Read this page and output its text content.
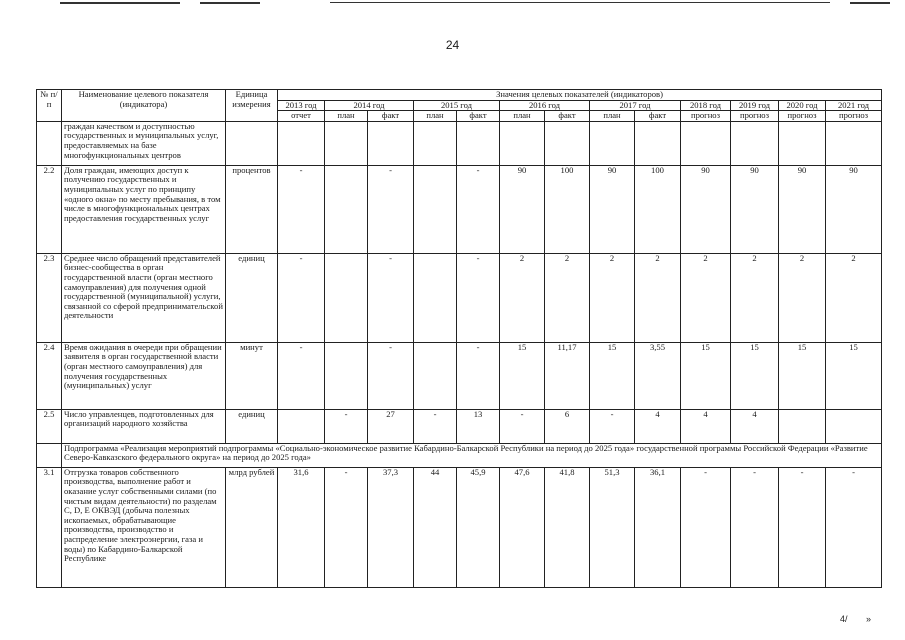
24
№ п/п	Наименование целевого показателя (индикатора)	Единица измерения	Значения целевых показателей (индикаторов)												
			2013 год	2014 год		2015 год		2016 год		2017 год		2018 год	2019 год	2020 год	2021 год
			отчет	план	факт	план	факт	план	факт	план	факт	прогноз	прогноз	прогноз	прогноз
	граждан качеством и доступностью государственных и муниципальных услуг, предоставляемых на базе многофункциональных центров														
2.2	Доля граждан, имеющих доступ к получению государственных и муниципальных услуг по принципу «одного окна» по месту пребывания, в том числе в многофункциональных центрах предоставления государственных услуг	процентов	-		-		-	90	100	90	100	90	90	90	90
2.3	Среднее число обращений представителей бизнес-сообщества в орган государственной власти (орган местного самоуправления) для получения одной государственной (муниципальной) услуги, связанной со сферой предпринимательской деятельности	единиц	-		-		-	2	2	2	2	2	2	2	2
2.4	Время ожидания в очереди при обращении заявителя в орган государственной власти (орган местного самоуправления) для получения государственных (муниципальных) услуг	минут	-		-		-	15	11,17	15	3,55	15	15	15	15
2.5	Число управленцев, подготовленных для организаций народного хозяйства	единиц		-	27	-	13	-	6	-	4	4	4		
	Подпрограмма «Реализация мероприятий подпрограммы «Социально-экономическое развитие Кабардино-Балкарской Республики на период до 2025 года» государственной программы Российской Федерации «Развитие Северо-Кавказского федерального округа» на период до 2025 года»														
3.1	Отгрузка товаров собственного производства, выполнение работ и оказание услуг собственными силами (по чистым видам деятельности) по разделам C, D, E ОКВЭД (добыча полезных ископаемых, обрабатывающие производства, производство и распределение электроэнергии, газа и воды) по Кабардино-Балкарской Республике	млрд рублей	31,6	-	37,3	44	45,9	47,6	41,8	51,3	36,1	-	-	-	-
4/ »
